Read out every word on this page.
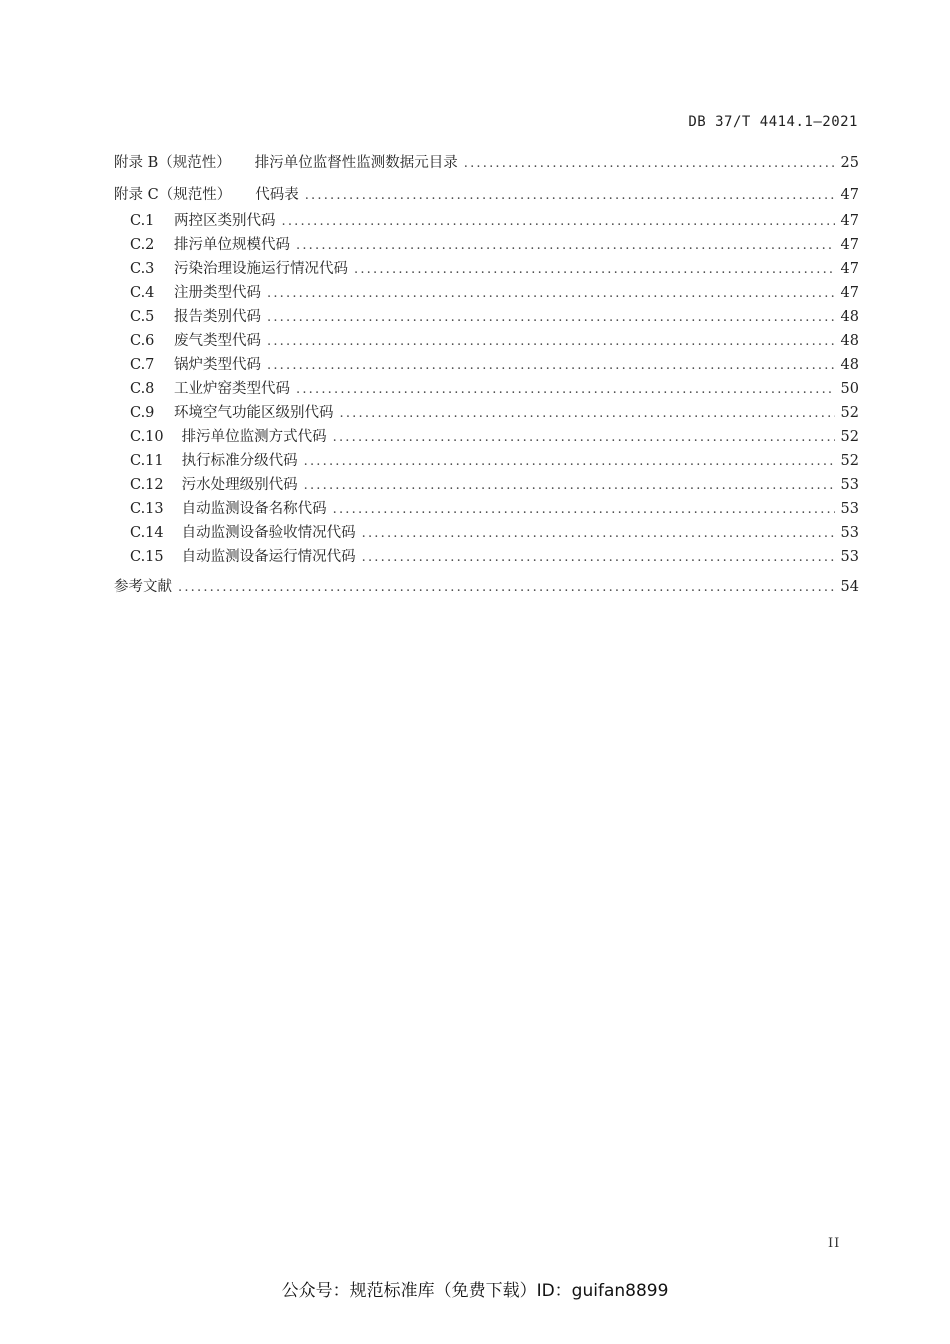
DB 37/T 4414.1—2021
附录 B（规范性） 排污单位监督性监测数据元目录 .....	25
附录 C（规范性） 代码表 .....	47
C.1 两控区类别代码 .....	47
C.2 排污单位规模代码 .....	47
C.3 污染治理设施运行情况代码 .....	47
C.4 注册类型代码 .....	47
C.5 报告类别代码 .....	48
C.6 废气类型代码 .....	48
C.7 锅炉类型代码 .....	48
C.8 工业炉窑类型代码 .....	50
C.9 环境空气功能区级别代码 .....	52
C.10 排污单位监测方式代码 .....	52
C.11 执行标准分级代码 .....	52
C.12 污水处理级别代码 .....	53
C.13 自动监测设备名称代码 .....	53
C.14 自动监测设备验收情况代码 .....	53
C.15 自动监测设备运行情况代码 .....	53
参考文献 .....	54
II
公众号：规范标准库（免费下载）ID：guifan8899
